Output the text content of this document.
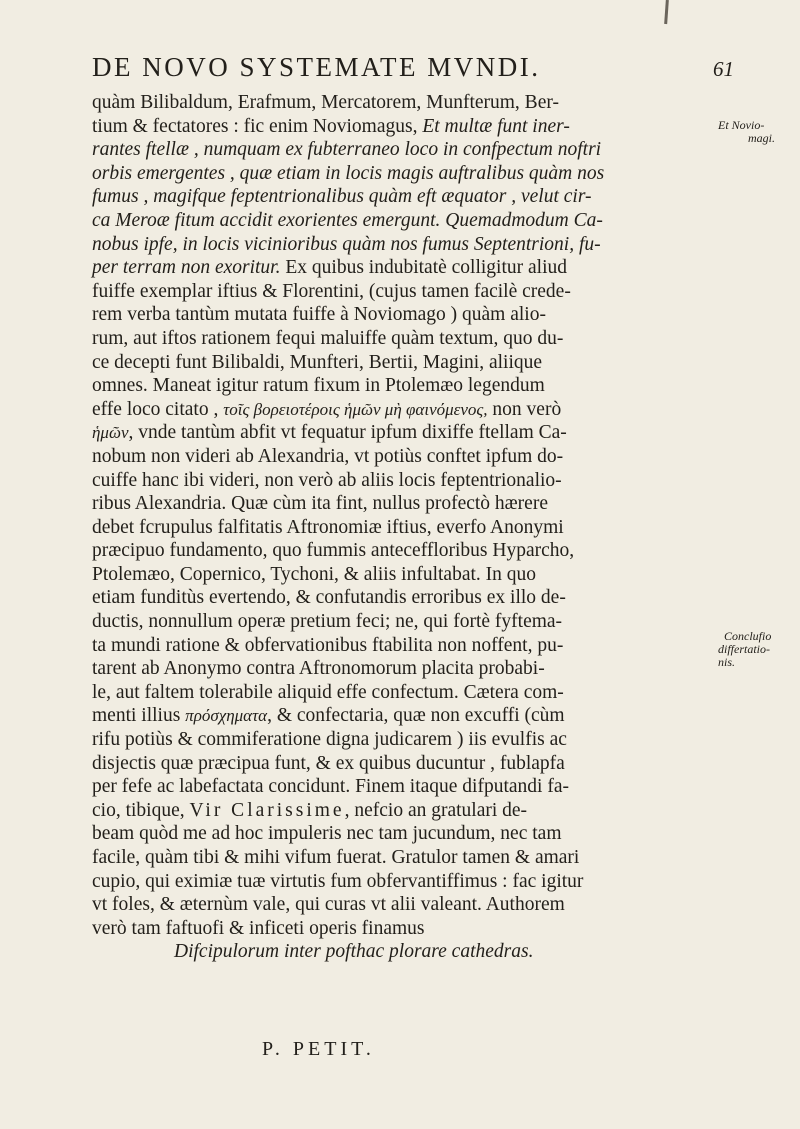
DE NOVO SYSTEMATE MVNDI.	61
quàm Bilibaldum, Erafmum, Mercatorem, Munfterum, Ber-
tium & fectatores : fic enim Noviomagus, Et multæ funt iner-
rantes ftellæ , numquam ex fubterraneo loco in confpectum noftri
orbis emergentes , quæ etiam in locis magis auftralibus quàm nos
fumus , magifque feptentrionalibus quàm eft æquator , velut cir-
ca Meroæ fitum accidit exorientes emergunt. Quemadmodum Ca-
nobus ipfe, in locis vicinioribus quàm nos fumus Septentrioni, fu-
per terram non exoritur. Ex quibus indubitatè colligitur aliud
fuiffe exemplar iftius & Florentini, (cujus tamen facilè crede-
rem verba tantùm mutata fuiffe à Noviomago ) quàm alio-
rum, aut iftos rationem fequi maluiffe quàm textum, quo du-
ce decepti funt Bilibaldi, Munfteri, Bertii, Magini, aliique
omnes. Maneat igitur ratum fixum in Ptolemæo legendum
effe loco citato , τοῖς βορειοτέροις ἡμῶν μὴ φαινόμενος, non verò
ἡμῶν, vnde tantùm abfit vt fequatur ipfum dixiffe ftellam Ca-
nobum non videri ab Alexandria, vt potiùs conftet ipfum do-
cuiffe hanc ibi videri, non verò ab aliis locis feptentrionalio-
ribus Alexandria. Quæ cùm ita fint, nullus profectò hærere
debet fcrupulus falfitatis Aftronomiæ iftius, everfo Anonymi
præcipuo fundamento, quo fummis anteceffloribus Hyparcho,
Ptolemæo, Copernico, Tychoni, & aliis infultabat. In quo
etiam funditùs evertendo, & confutandis erroribus ex illo de-
ductis, nonnullum operæ pretium feci; ne, qui fortè fyftema-
ta mundi ratione & obfervationibus ftabilita non noffent, pu-
tarent ab Anonymo contra Aftronomorum placita probabi-
le, aut faltem tolerabile aliquid effe confectum. Cætera com-
menti illius πρόσχηματα, & confectaria, quæ non excuffi (cùm
rifu potiùs & commiferatione digna judicarem ) iis evulfis ac
disjectis quæ præcipua funt, & ex quibus ducuntur , fublapfa
per fefe ac labefactata concidunt. Finem itaque difputandi fa-
cio, tibique, Vir Clarissime, nefcio an gratulari de-
beam quòd me ad hoc impuleris nec tam jucundum, nec tam
facile, quàm tibi & mihi vifum fuerat. Gratulor tamen & amari
cupio, qui eximiæ tuæ virtutis fum obfervantiffimus : fac igitur
vt foles, & æternùm vale, qui curas vt alii valeant. Authorem
verò tam faftuofi & inficeti operis finamus
Difcipulorum inter pofthac plorare cathedras.
Et Novio-
magi.
Conclufio
differtatio-
nis.
P. PETIT.
